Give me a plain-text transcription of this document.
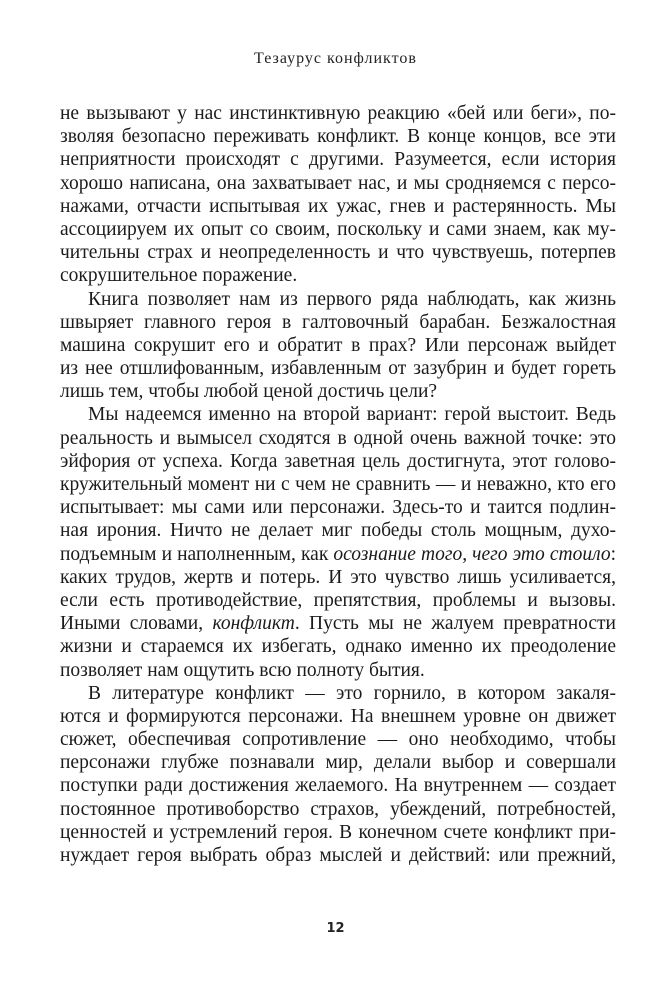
Тезаурус конфликтов
не вызывают у нас инстинктивную реакцию «бей или беги», по-
зволяя безопасно переживать конфликт. В конце концов, все эти
неприятности происходят с другими. Разумеется, если история
хорошо написана, она захватывает нас, и мы сродняемся с персо-
нажами, отчасти испытывая их ужас, гнев и растерянность. Мы
ассоциируем их опыт со своим, поскольку и сами знаем, как му-
чительны страх и неопределенность и что чувствуешь, потерпев
сокрушительное поражение.
Книга позволяет нам из первого ряда наблюдать, как жизнь
швыряет главного героя в галтовочный барабан. Безжалостная
машина сокрушит его и обратит в прах? Или персонаж выйдет
из нее отшлифованным, избавленным от зазубрин и будет гореть
лишь тем, чтобы любой ценой достичь цели?
Мы надеемся именно на второй вариант: герой выстоит. Ведь
реальность и вымысел сходятся в одной очень важной точке: это
эйфория от успеха. Когда заветная цель достигнута, этот голово-
кружительный момент ни с чем не сравнить — и неважно, кто его
испытывает: мы сами или персонажи. Здесь-то и таится подлин-
ная ирония. Ничто не делает миг победы столь мощным, духо-
подъемным и наполненным, как осознание того, чего это стоило:
каких трудов, жертв и потерь. И это чувство лишь усиливается,
если есть противодействие, препятствия, проблемы и вызовы.
Иными словами, конфликт. Пусть мы не жалуем превратности
жизни и стараемся их избегать, однако именно их преодоление
позволяет нам ощутить всю полноту бытия.
В литературе конфликт — это горнило, в котором закаля-
ются и формируются персонажи. На внешнем уровне он движет
сюжет, обеспечивая сопротивление — оно необходимо, чтобы
персонажи глубже познавали мир, делали выбор и совершали
поступки ради достижения желаемого. На внутреннем — создает
постоянное противоборство страхов, убеждений, потребностей,
ценностей и устремлений героя. В конечном счете конфликт при-
нуждает героя выбрать образ мыслей и действий: или прежний,
12
